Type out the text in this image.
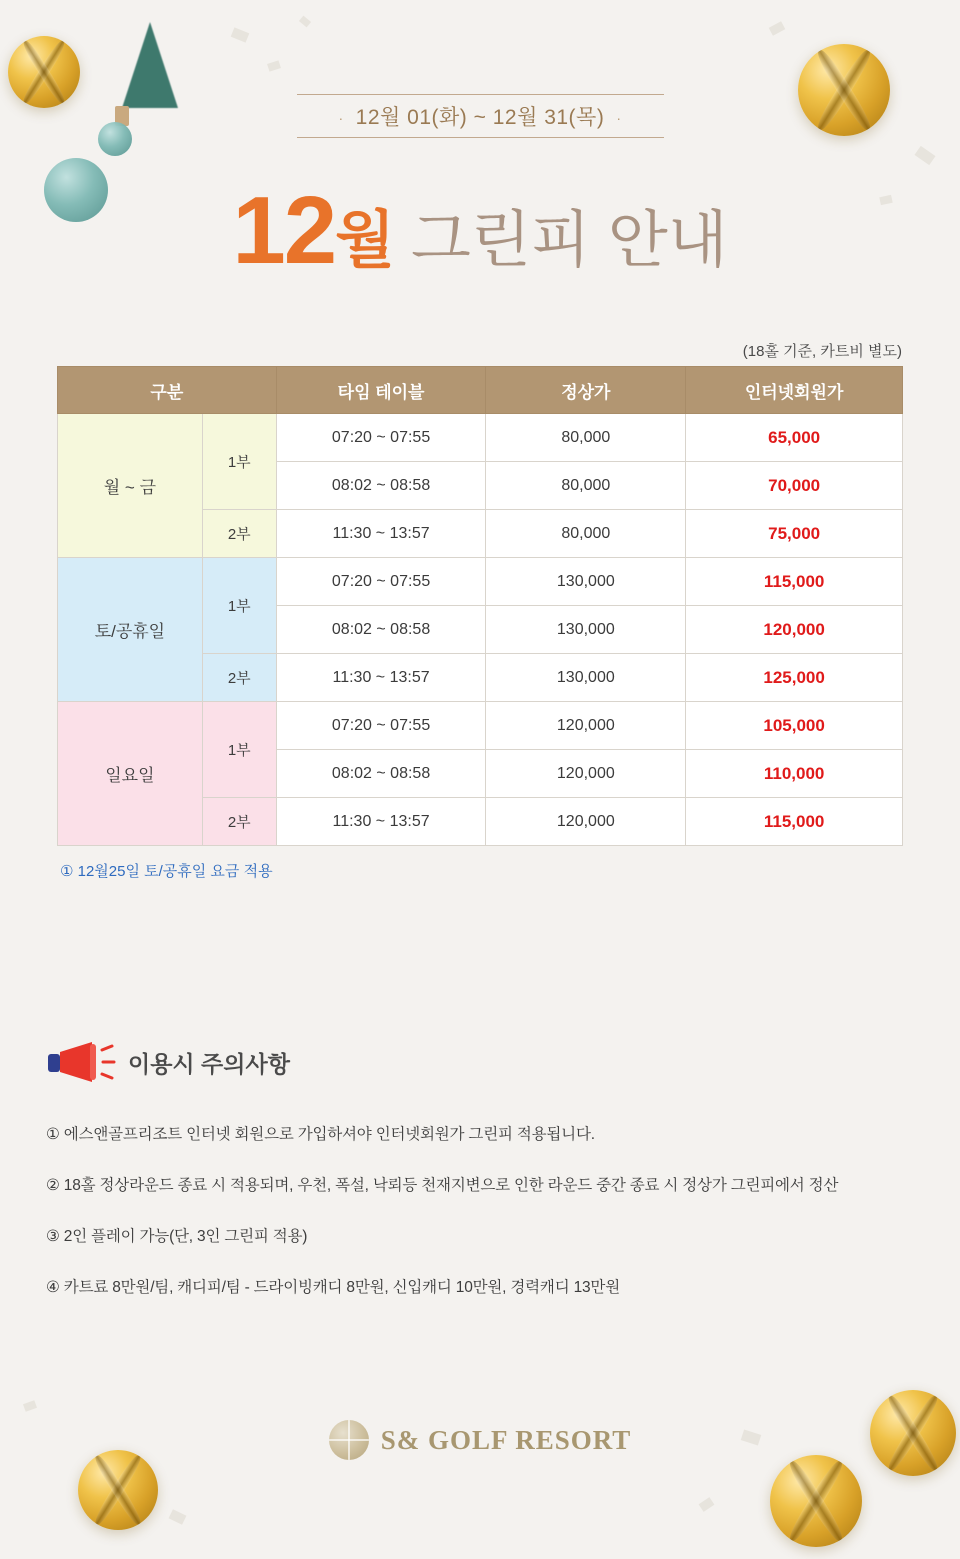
· 12월 01(화) ~ 12월 31(목) ·
12월 그린피 안내
(18홀 기준, 카트비 별도)
구분		타임 테이블	정상가	인터넷회원가
월 ~ 금	1부	07:20 ~ 07:55	80,000	65,000
		08:02 ~ 08:58	80,000	70,000
	2부	11:30 ~ 13:57	80,000	75,000
토/공휴일	1부	07:20 ~ 07:55	130,000	115,000
		08:02 ~ 08:58	130,000	120,000
	2부	11:30 ~ 13:57	130,000	125,000
일요일	1부	07:20 ~ 07:55	120,000	105,000
		08:02 ~ 08:58	120,000	110,000
	2부	11:30 ~ 13:57	120,000	115,000
① 12월25일 토/공휴일 요금 적용
이용시 주의사항
① 에스앤골프리조트 인터넷 회원으로 가입하셔야 인터넷회원가 그린피 적용됩니다.
② 18홀 정상라운드 종료 시 적용되며, 우천, 폭설, 낙뢰등 천재지변으로 인한 라운드 중간 종료 시 정상가 그린피에서 정산
③ 2인 플레이 가능(단, 3인 그린피 적용)
④ 카트료 8만원/팀, 캐디피/팀 - 드라이빙캐디 8만원, 신입캐디 10만원, 경력캐디 13만원
S& GOLF RESORT
